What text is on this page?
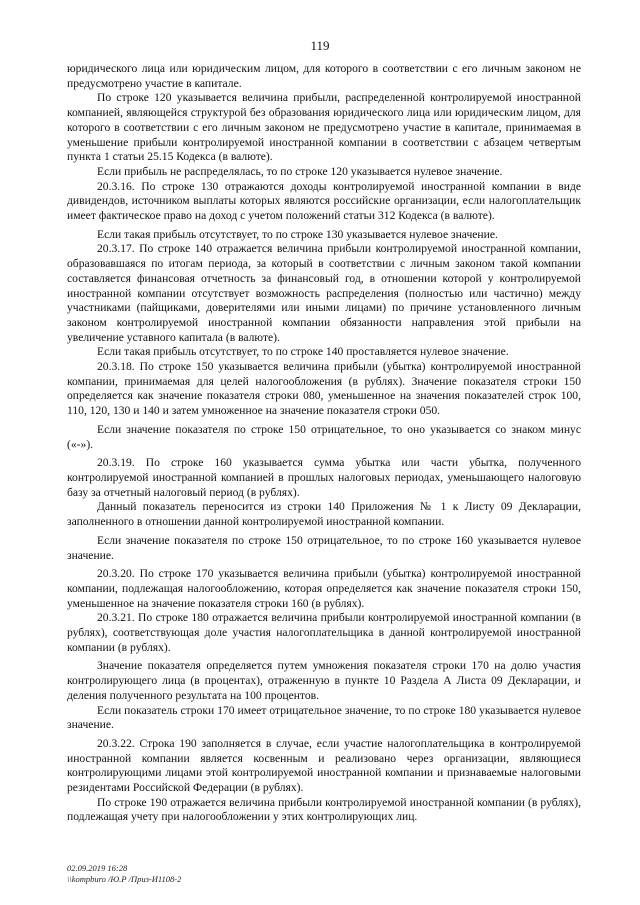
119

юридического лица или юридическим лицом, для которого в соответствии с его личным законом не предусмотрено участие в капитале.

По строке 120 указывается величина прибыли, распределенной контролируемой иностранной компанией, являющейся структурой без образования юридического лица или юридическим лицом, для которого в соответствии с его личным законом не предусмотрено участие в капитале, принимаемая в уменьшение прибыли контролируемой иностранной компании в соответствии с абзацем четвертым пункта 1 статьи 25.15 Кодекса (в валюте).

Если прибыль не распределялась, то по строке 120 указывается нулевое значение.

20.3.16. По строке 130 отражаются доходы контролируемой иностранной компании в виде дивидендов, источником выплаты которых являются российские организации, если налогоплательщик имеет фактическое право на доход с учетом положений статьи 312 Кодекса (в валюте).

Если такая прибыль отсутствует, то по строке 130 указывается нулевое значение.

20.3.17. По строке 140 отражается величина прибыли контролируемой иностранной компании, образовавшаяся по итогам периода, за который в соответствии с личным законом такой компании составляется финансовая отчетность за финансовый год, в отношении которой у контролируемой иностранной компании отсутствует возможность распределения (полностью или частично) между участниками (пайщиками, доверителями или иными лицами) по причине установленного личным законом контролируемой иностранной компании обязанности направления этой прибыли на увеличение уставного капитала (в валюте).

Если такая прибыль отсутствует, то по строке 140 проставляется нулевое значение.

20.3.18. По строке 150 указывается величина прибыли (убытка) контролируемой иностранной компании, принимаемая для целей налогообложения (в рублях). Значение показателя строки 150 определяется как значение показателя строки 080, уменьшенное на значения показателей строк 100, 110, 120, 130 и 140 и затем умноженное на значение показателя строки 050.

Если значение показателя по строке 150 отрицательное, то оно указывается со знаком минус («-»).

20.3.19. По строке 160 указывается сумма убытка или части убытка, полученного контролируемой иностранной компанией в прошлых налоговых периодах, уменьшающего налоговую базу за отчетный налоговый период (в рублях).

Данный показатель переносится из строки 140 Приложения № 1 к Листу 09 Декларации, заполненного в отношении данной контролируемой иностранной компании.

Если значение показателя по строке 150 отрицательное, то по строке 160 указывается нулевое значение.

20.3.20. По строке 170 указывается величина прибыли (убытка) контролируемой иностранной компании, подлежащая налогообложению, которая определяется как значение показателя строки 150, уменьшенное на значение показателя строки 160 (в рублях).

20.3.21. По строке 180 отражается величина прибыли контролируемой иностранной компании (в рублях), соответствующая доле участия налогоплательщика в данной контролируемой иностранной компании (в рублях).

Значение показателя определяется путем умножения показателя строки 170 на долю участия контролирующего лица (в процентах), отраженную в пункте 10 Раздела А Листа 09 Декларации, и деления полученного результата на 100 процентов.

Если показатель строки 170 имеет отрицательное значение, то по строке 180 указывается нулевое значение.

20.3.22. Строка 190 заполняется в случае, если участие налогоплательщика в контролируемой иностранной компании является косвенным и реализовано через организации, являющиеся контролирующими лицами этой контролируемой иностранной компании и признаваемые налоговыми резидентами Российской Федерации (в рублях).

По строке 190 отражается величина прибыли контролируемой иностранной компании (в рублях), подлежащая учету при налогообложении у этих контролирующих лиц.

02.09.2019 16:28
\\kompburo /Ю.Р /Приз-И1108-2
